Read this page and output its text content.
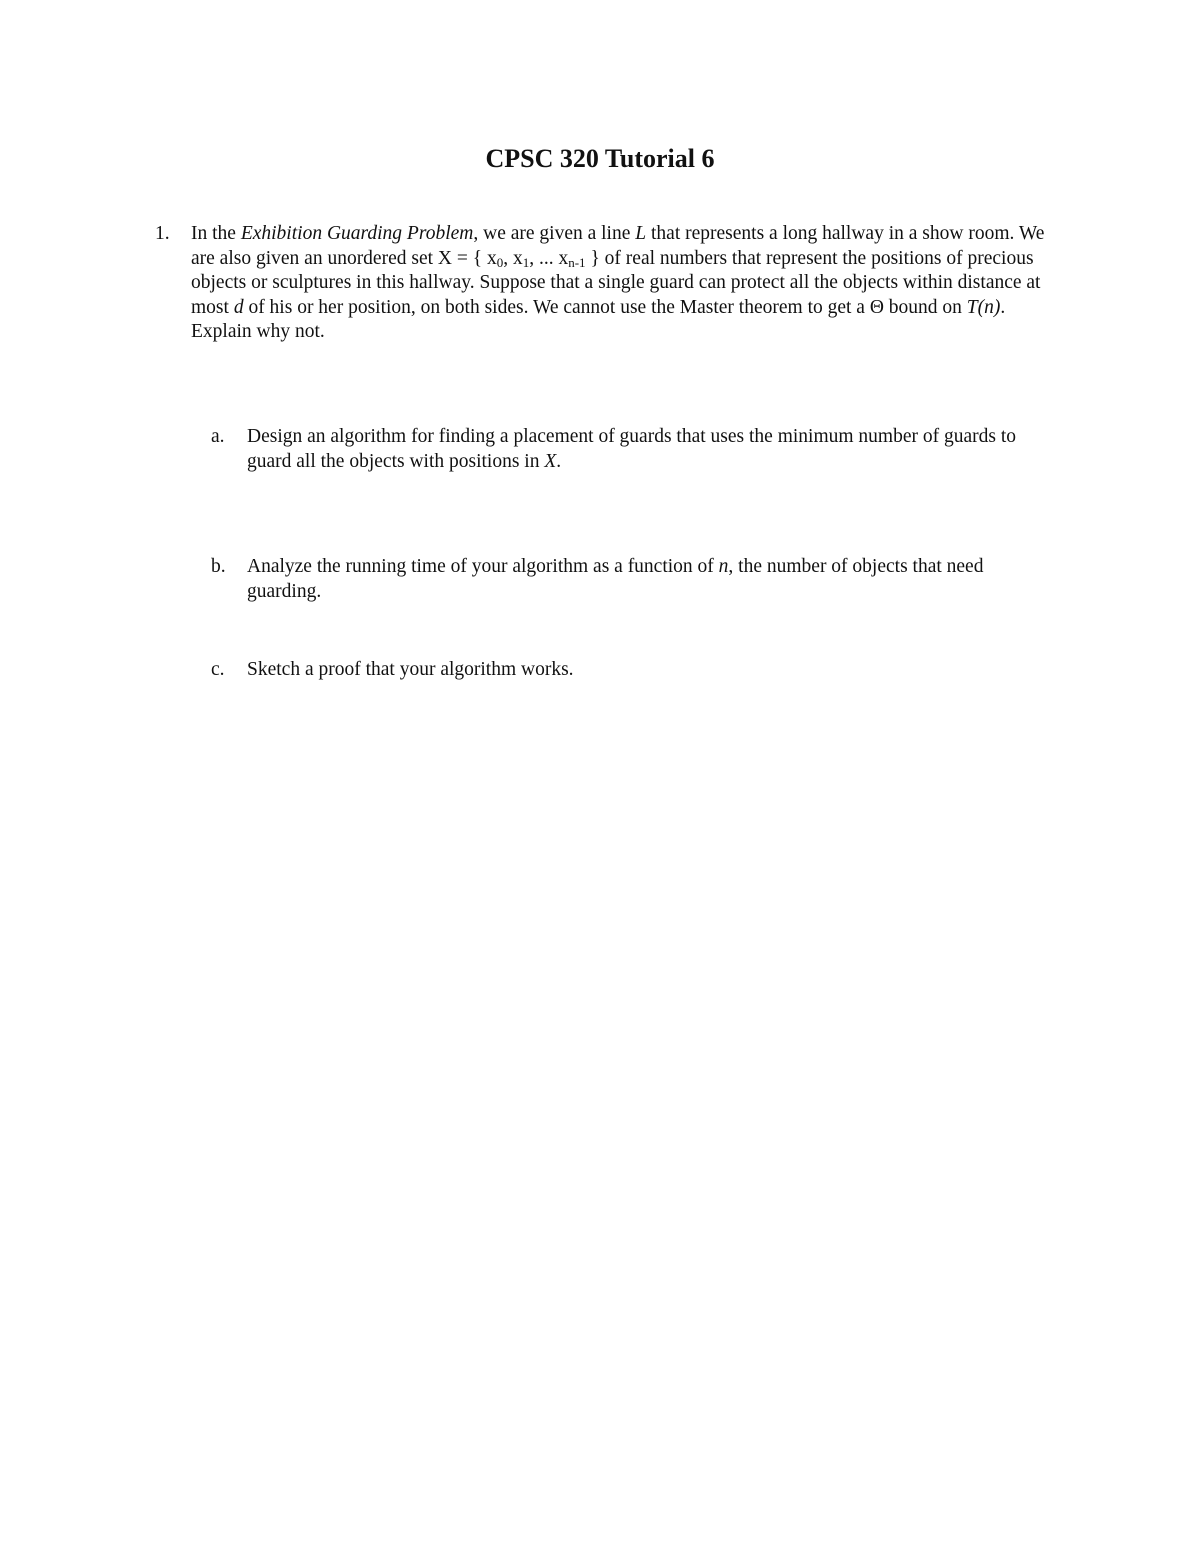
CPSC 320 Tutorial 6
1. In the Exhibition Guarding Problem, we are given a line L that represents a long hallway in a show room. We are also given an unordered set X = { $x_0$, $x_1$, ... $x_{n-1}$ } of real numbers that represent the positions of precious objects or sculptures in this hallway. Suppose that a single guard can protect all the objects within distance at most d of his or her position, on both sides. We cannot use the Master theorem to get a Θ bound on T(n). Explain why not.
a. Design an algorithm for finding a placement of guards that uses the minimum number of guards to guard all the objects with positions in X.
b. Analyze the running time of your algorithm as a function of n, the number of objects that need guarding.
c. Sketch a proof that your algorithm works.
